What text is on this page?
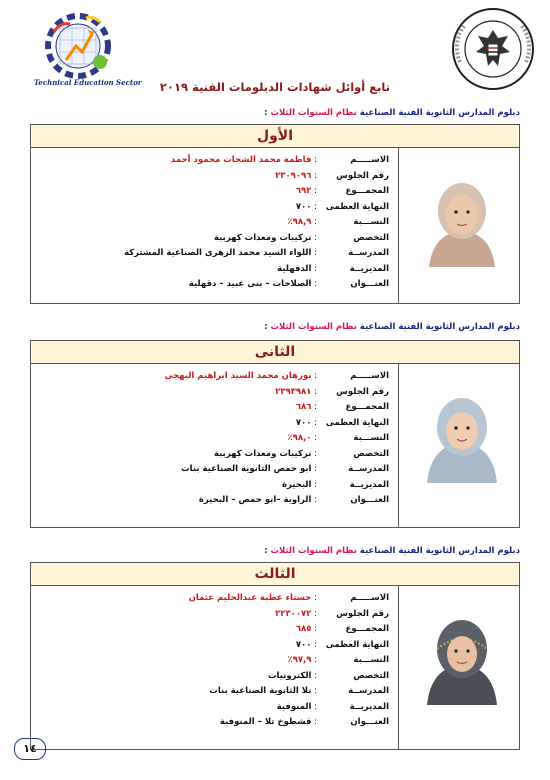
Technical Education Sector	تابع أوائل شهادات الدبلومات الفنية ٢٠١٩
دبلوم المدارس الثانوية الفنية الصناعية نظام السنوات الثلاث :
الأول
الاســـــم: فاطمة محمد الشحات محمود أحمد
رقم الجلوس: ٢٣٠٩٠٩٦
المجمـــوع: ٦٩٢
النهاية العظمى: ٧٠٠
النســـبة: ٩٨,٩٪
التخصص: تركيبات ومعدات كهربية
المدرســة: اللواء السيد محمد الزهرى الصناعية المشتركة
المديريــة: الدقهلية
العنـــوان: الصلاحات – بنى عبيد – دقهلية
دبلوم المدارس الثانوية الفنية الصناعية نظام السنوات الثلاث :
الثانى
الاســـــم: نورهان محمد السيد ابراهيم البهجى
رقم الجلوس: ٢٣٩٣٩٨١
المجمـــوع: ٦٨٦
النهاية العظمى: ٧٠٠
النســـبة: ٩٨,٠٪
التخصص: تركيبات ومعدات كهربية
المدرســة: ابو حمص الثانوية الصناعية بنات
المديريــة: البحيرة
العنـــوان: الراوية –ابو حمص – البحيرة
دبلوم المدارس الثانوية الفنية الصناعية نظام السنوات الثلاث :
الثالث
الاســـــم: حسناء عطية عبدالحليم عثمان
رقم الجلوس: ٢٢٣٠٠٧٢
المجمـــوع: ٦٨٥
النهاية العظمى: ٧٠٠
النســـبة: ٩٧,٩٪
التخصص: الكترونيات
المدرســة: تلا الثانوية الصناعية بنات
المديريــة: المنوفية
العنـــوان: قشطوخ تلا – المنوفية
١٤
